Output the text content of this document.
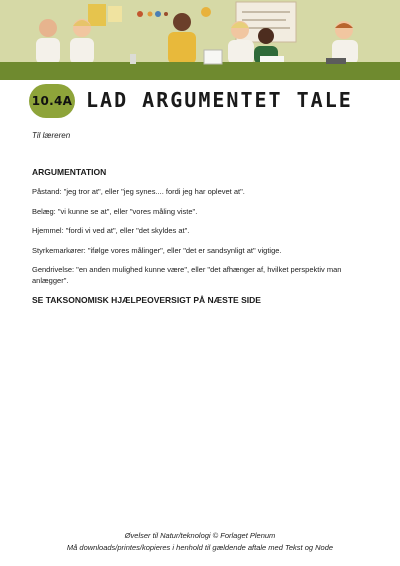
10.4A LAD ARGUMENTET TALE
Til læreren

ARGUMENTATION

Påstand: "jeg tror at", eller "jeg synes.... fordi jeg har oplevet at".

Belæg: "vi kunne se at", eller "vores måling viste".

Hjemmel: "fordi vi ved at", eller "det skyldes at".

Styrkemarkører: "ifølge vores målinger", eller "det er sandsynligt at" vigtige.

Gendrivelse: "en anden mulighed kunne være", eller "det afhænger af, hvilket perspektiv man anlægger".

SE TAKSONOMISK HJÆLPEOVERSIGT PÅ NÆSTE SIDE

Øvelser til Natur/teknologi © Forlaget Plenum
Må downloads/printes/kopieres i henhold til gældende aftale med Tekst og Node
